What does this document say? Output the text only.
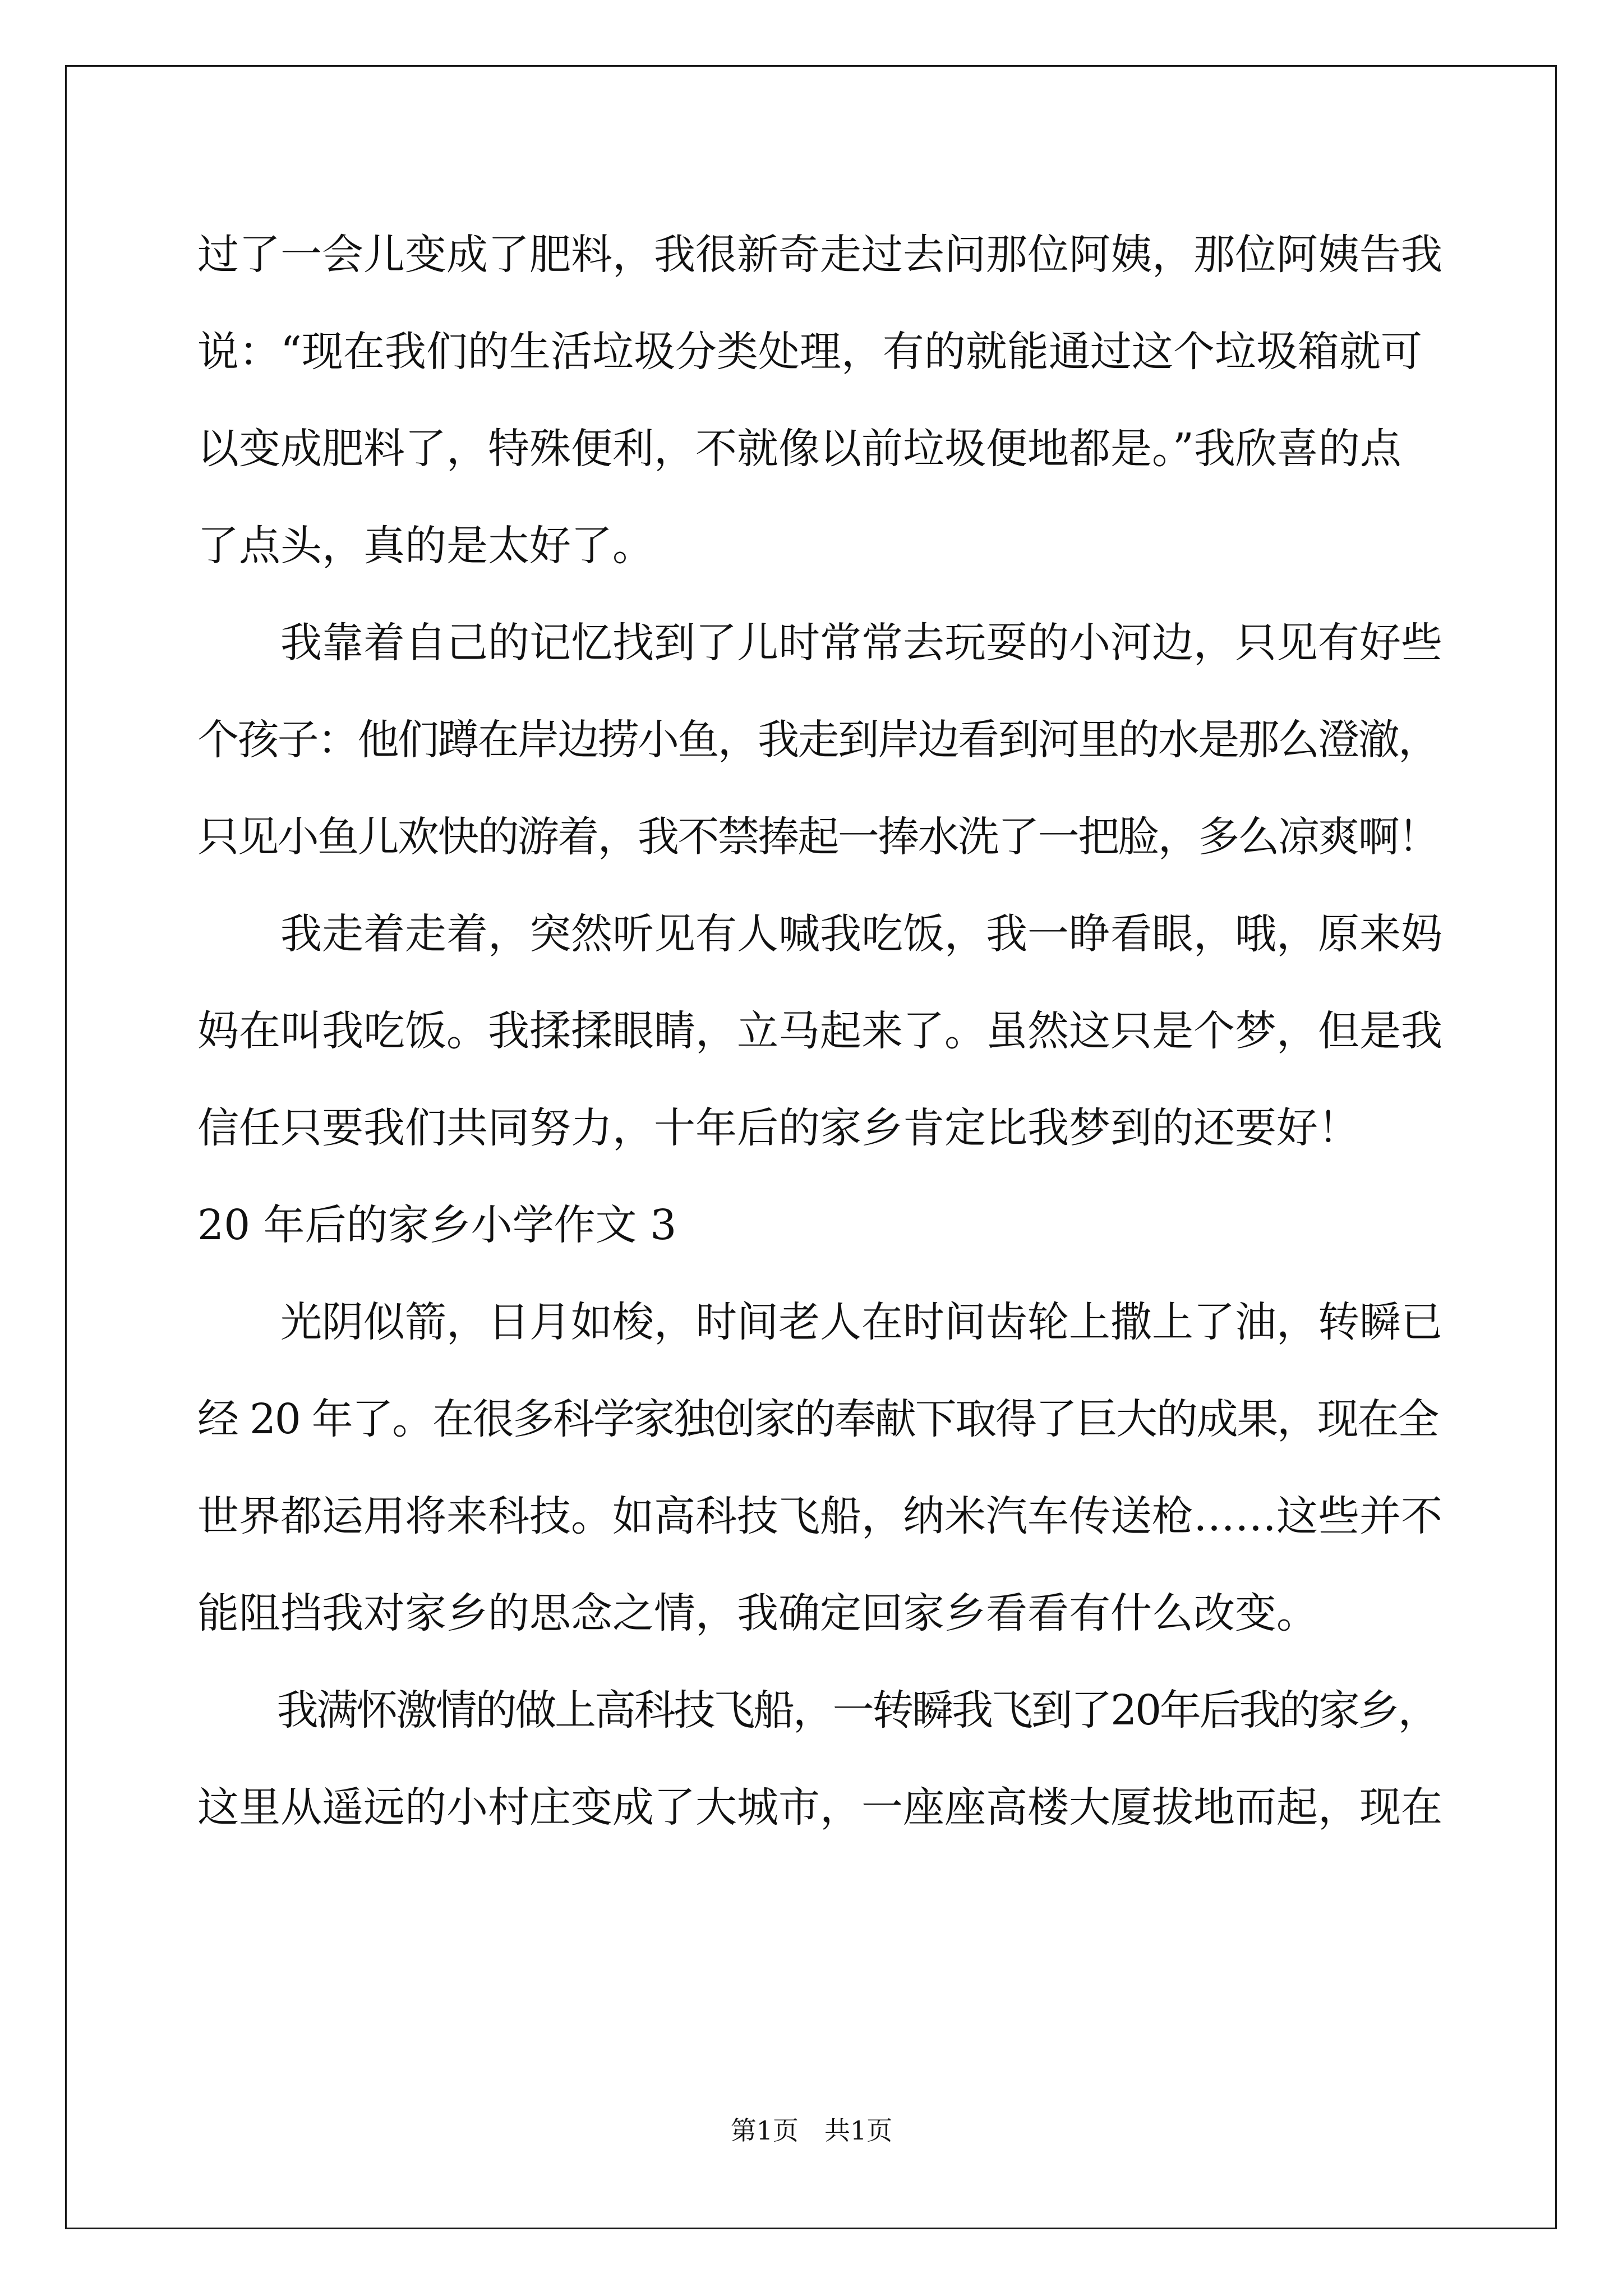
过了一会儿变成了肥料，我很新奇走过去问那位阿姨，那位阿姨告我
说：“现在我们的生活垃圾分类处理，有的就能通过这个垃圾箱就可
以变成肥料了，特殊便利，不就像以前垃圾便地都是。”我欣喜的点
了点头，真的是太好了。
　　我靠着自己的记忆找到了儿时常常去玩耍的小河边，只见有好些
个孩子：他们蹲在岸边捞小鱼，我走到岸边看到河里的水是那么澄澈，
只见小鱼儿欢快的游着，我不禁捧起一捧水洗了一把脸，多么凉爽啊！
　　我走着走着，突然听见有人喊我吃饭，我一睁看眼，哦，原来妈
妈在叫我吃饭。我揉揉眼睛，立马起来了。虽然这只是个梦，但是我
信任只要我们共同努力，十年后的家乡肯定比我梦到的还要好！
20 年后的家乡小学作文 3
　　光阴似箭，日月如梭，时间老人在时间齿轮上撒上了油，转瞬已
经 20 年了。在很多科学家独创家的奉献下取得了巨大的成果，现在全
世界都运用将来科技。如高科技飞船，纳米汽车传送枪……这些并不
能阻挡我对家乡的思念之情，我确定回家乡看看有什么改变。
　　我满怀激情的做上高科技飞船，一转瞬我飞到了20年后我的家乡，
这里从遥远的小村庄变成了大城市，一座座高楼大厦拔地而起，现在
第1页 共1页
